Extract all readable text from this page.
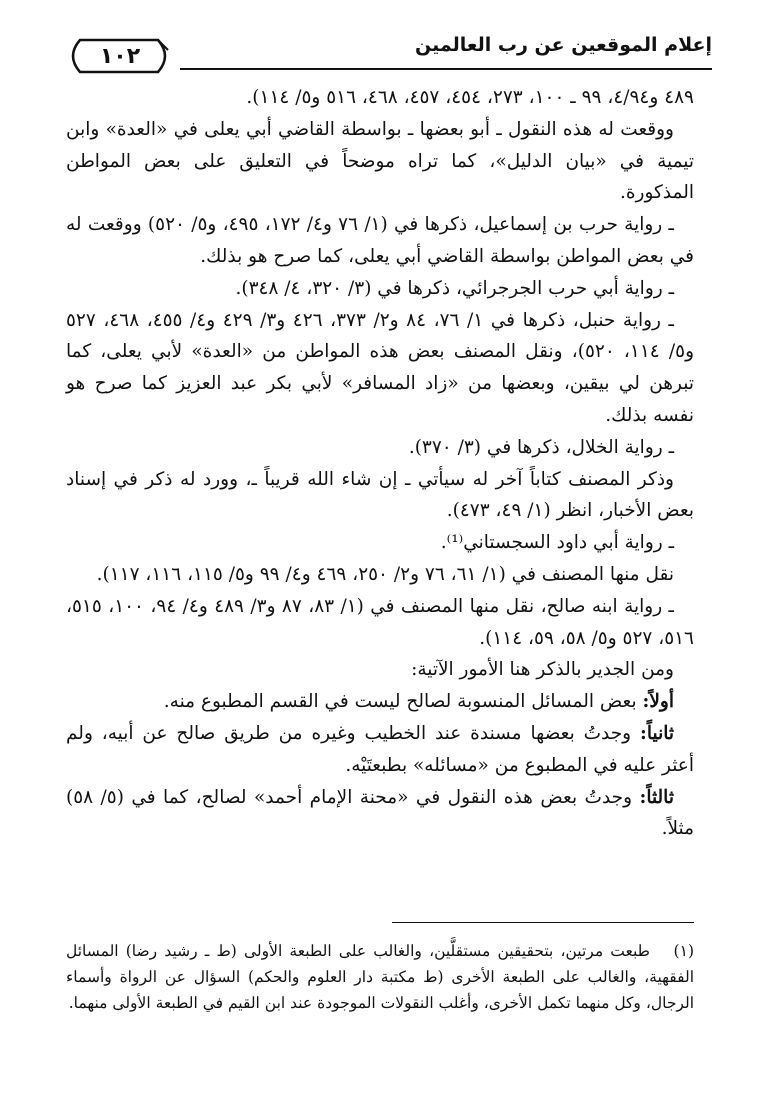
إعلام الموقعين عن رب العالمين
١٠٢

٤٨٩ و٤/٩٤، ٩٩ ـ ١٠٠، ٢٧٣، ٤٥٤، ٤٥٧، ٤٦٨، ٥١٦ و٥/ ١١٤).

ووقعت له هذه النقول ـ أبو بعضها ـ بواسطة القاضي أبي يعلى في «العدة» وابن تيمية في «بيان الدليل»، كما تراه موضحاً في التعليق على بعض المواطن المذكورة.

ـ رواية حرب بن إسماعيل، ذكرها في (١/ ٧٦ و٤/ ١٧٢، ٤٩٥، و٥/ ٥٢٠) ووقعت له في بعض المواطن بواسطة القاضي أبي يعلى، كما صرح هو بذلك.

ـ رواية أبي حرب الجرجرائي، ذكرها في (٣/ ٣٢٠، ٤/ ٣٤٨).

ـ رواية حنبل، ذكرها في ١/ ٧٦، ٨٤ و٢/ ٣٧٣، ٤٢٦ و٣/ ٤٢٩ و٤/ ٤٥٥، ٤٦٨، ٥٢٧ و٥/ ١١٤، ٥٢٠)، ونقل المصنف بعض هذه المواطن من «العدة» لأبي يعلى، كما تبرهن لي بيقين، وبعضها من «زاد المسافر» لأبي بكر عبد العزيز كما صرح هو نفسه بذلك.

ـ رواية الخلال، ذكرها في (٣/ ٣٧٠).

وذكر المصنف كتاباً آخر له سيأتي ـ إن شاء الله قريباً ـ، وورد له ذكر في إسناد بعض الأخبار، انظر (١/ ٤٩، ٤٧٣).

ـ رواية أبي داود السجستاني⁽¹⁾.

نقل منها المصنف في (١/ ٦١، ٧٦ و٢/ ٢٥٠، ٤٦٩ و٤/ ٩٩ و٥/ ١١٥، ١١٦، ١١٧).

ـ رواية ابنه صالح، نقل منها المصنف في (١/ ٨٣، ٨٧ و٣/ ٤٨٩ و٤/ ٩٤، ١٠٠، ٥١٥، ٥١٦، ٥٢٧ و٥/ ٥٨، ٥٩، ١١٤).

ومن الجدير بالذكر هنا الأمور الآتية:

أولاً: بعض المسائل المنسوبة لصالح ليست في القسم المطبوع منه.

ثانياً: وجدتُ بعضها مسندة عند الخطيب وغيره من طريق صالح عن أبيه، ولم أعثر عليه في المطبوع من «مسائله» بطبعتَيْه.

ثالثاً: وجدتُ بعض هذه النقول في «محنة الإمام أحمد» لصالح، كما في (٥/ ٥٨) مثلاً.

(١)طبعت مرتين، بتحقيقين مستقلَّين، والغالب على الطبعة الأولى (ط ـ رشيد رضا) المسائل الفقهية، والغالب على الطبعة الأخرى (ط مكتبة دار العلوم والحكم) السؤال عن الرواة وأسماء الرجال، وكل منهما تكمل الأخرى، وأغلب النقولات الموجودة عند ابن القيم في الطبعة الأولى منهما.
